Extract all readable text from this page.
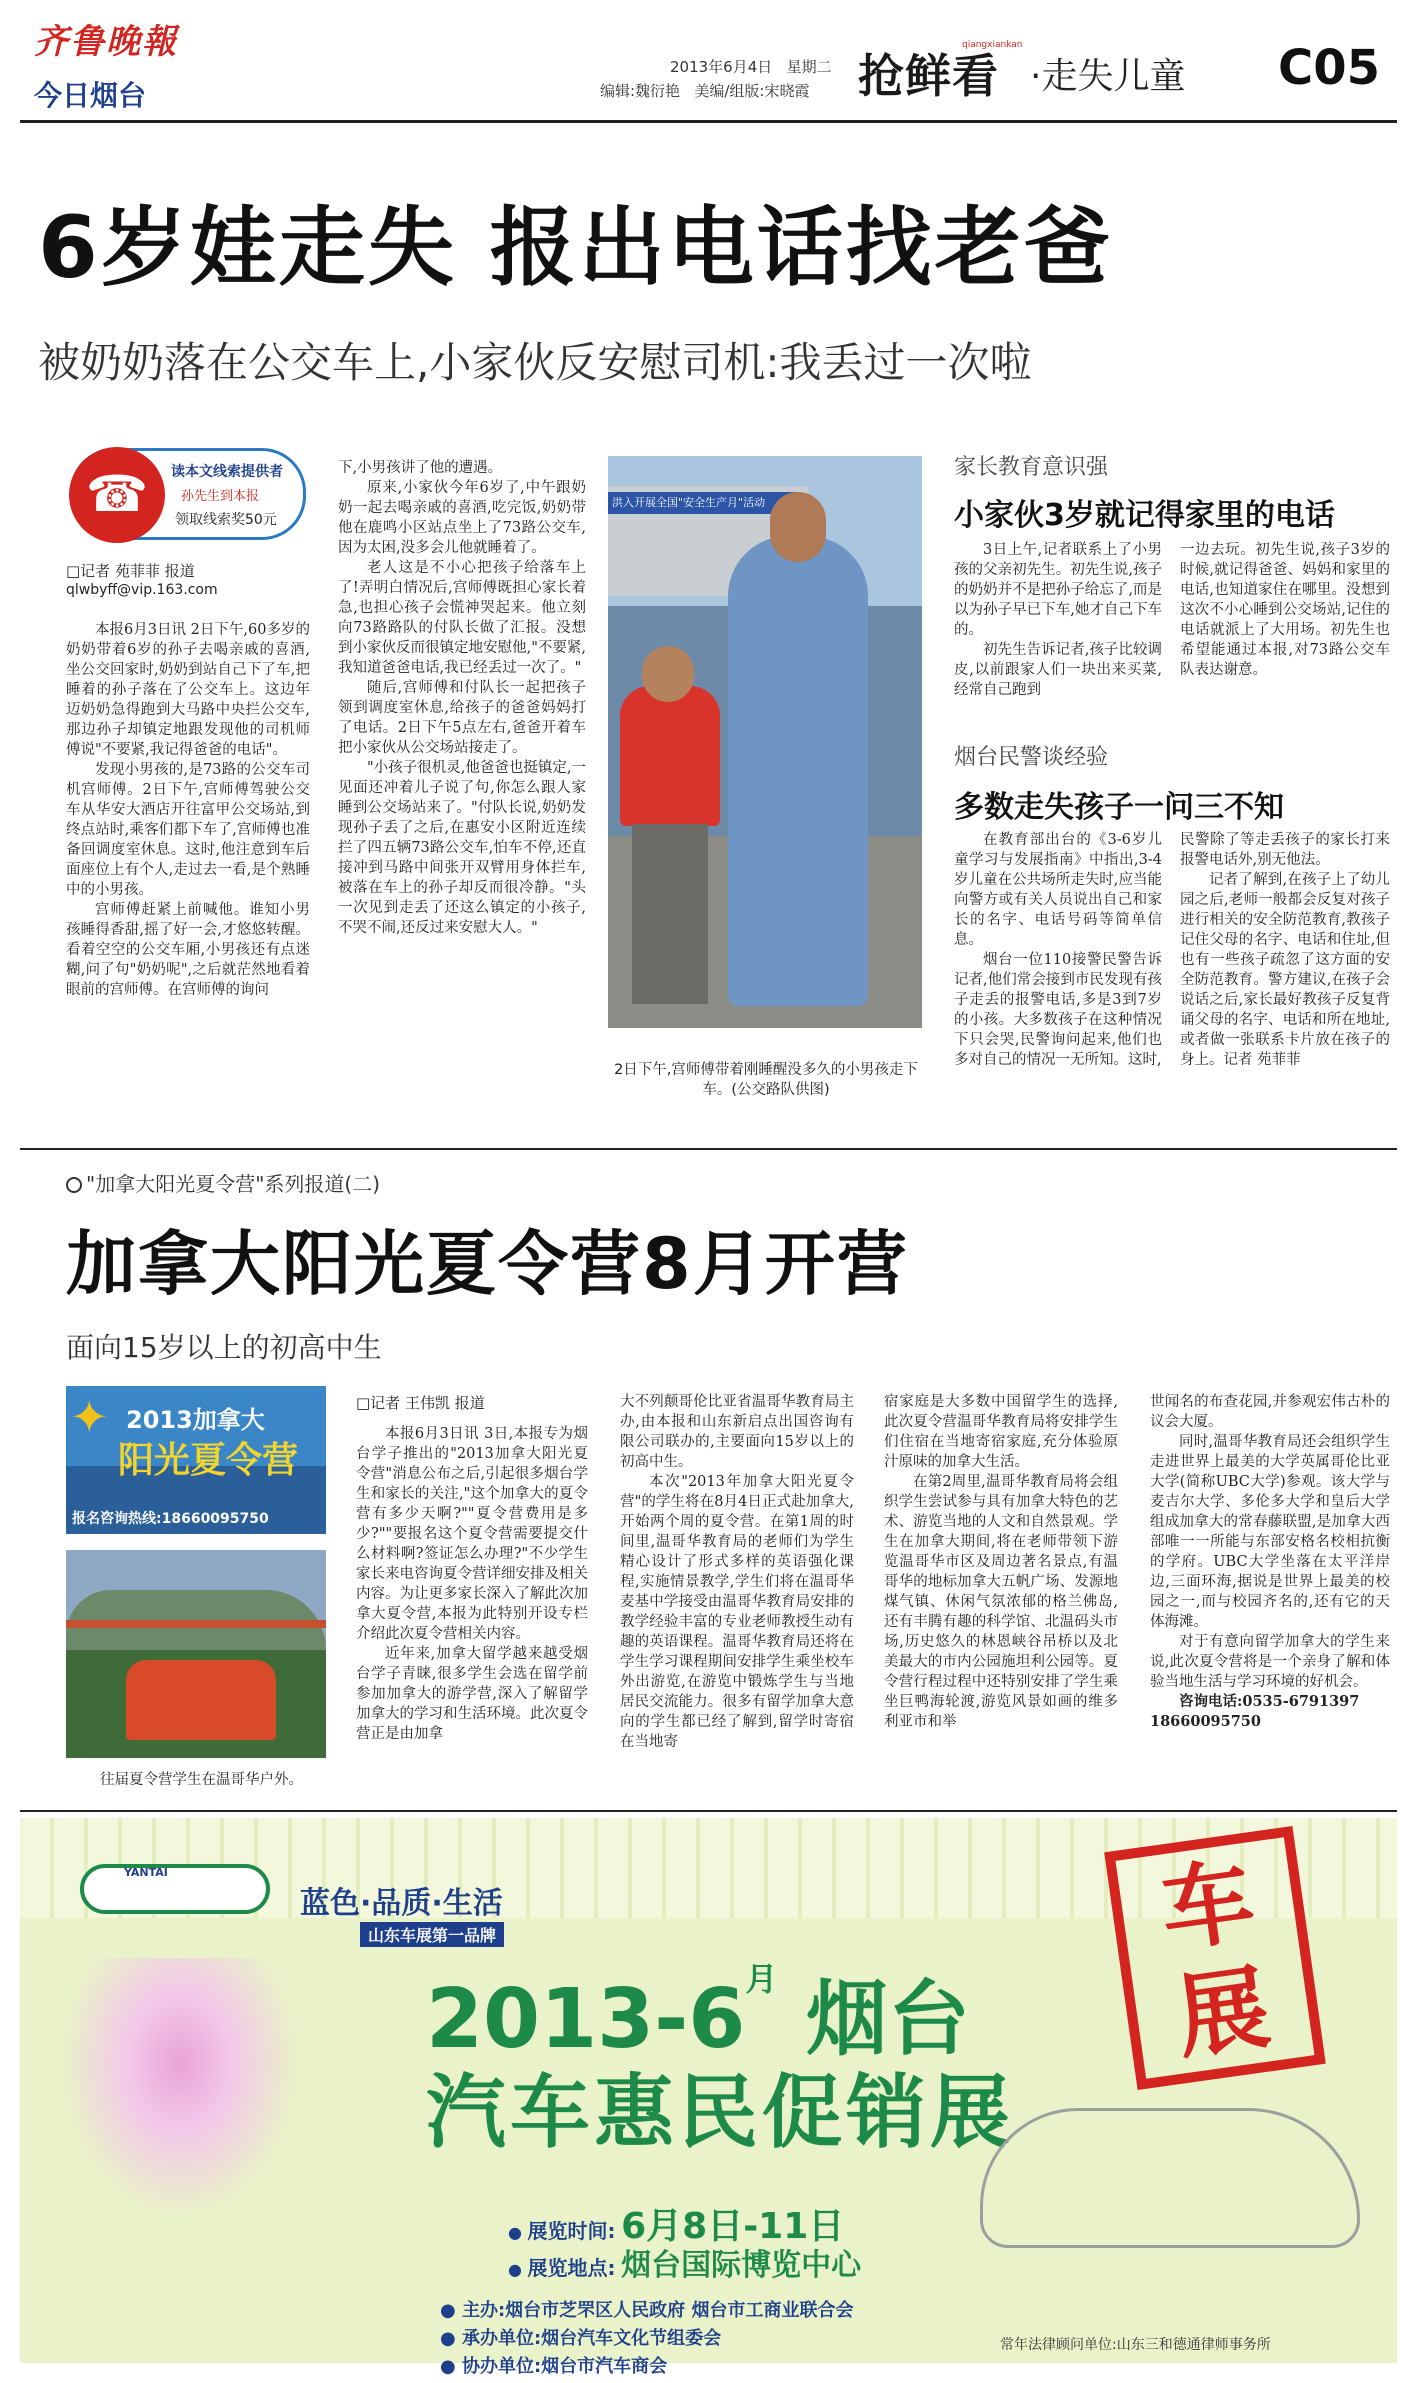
齐鲁晚報
今日烟台
2013年6月4日 星期二
编辑:魏衍艳 美编/组版:宋晓霞 抢鲜看
qiangxiankan
·走失儿童 C05
6岁娃走失 报出电话找老爸
被奶奶落在公交车上,小家伙反安慰司机:我丢过一次啦
☎	读本文线索提供者
孙先生到本报
领取线索奖50元
□记者 苑菲菲 报道
qlwbyff@vip.163.com

本报6月3日讯 2日下午,60多岁的奶奶带着6岁的孙子去喝亲戚的喜酒,坐公交回家时,奶奶到站自己下了车,把睡着的孙子落在了公交车上。这边年迈奶奶急得跑到大马路中央拦公交车,那边孙子却镇定地跟发现他的司机师傅说"不要紧,我记得爸爸的电话"。

发现小男孩的,是73路的公交车司机宫师傅。2日下午,宫师傅驾驶公交车从华安大酒店开往富甲公交场站,到终点站时,乘客们都下车了,宫师傅也准备回调度室休息。这时,他注意到车后面座位上有个人,走过去一看,是个熟睡中的小男孩。

宫师傅赶紧上前喊他。谁知小男孩睡得香甜,摇了好一会,才悠悠转醒。看着空空的公交车厢,小男孩还有点迷糊,问了句"奶奶呢",之后就茫然地看着眼前的宫师傅。在宫师傅的询问

下,小男孩讲了他的遭遇。

原来,小家伙今年6岁了,中午跟奶奶一起去喝亲戚的喜酒,吃完饭,奶奶带他在鹿鸣小区站点坐上了73路公交车,因为太困,没多会儿他就睡着了。

老人这是不小心把孩子给落车上了!弄明白情况后,宫师傅既担心家长着急,也担心孩子会慌神哭起来。他立刻向73路路队的付队长做了汇报。没想到小家伙反而很镇定地安慰他,"不要紧,我知道爸爸电话,我已经丢过一次了。"

随后,宫师傅和付队长一起把孩子领到调度室休息,给孩子的爸爸妈妈打了电话。2日下午5点左右,爸爸开着车把小家伙从公交场站接走了。

"小孩子很机灵,他爸爸也挺镇定,一见面还冲着儿子说了句,你怎么跟人家睡到公交场站来了。"付队长说,奶奶发现孙子丢了之后,在惠安小区附近连续拦了四五辆73路公交车,怕车不停,还直接冲到马路中间张开双臂用身体拦车,被落在车上的孙子却反而很冷静。"头一次见到走丢了还这么镇定的小孩子,不哭不闹,还反过来安慰大人。"

洪入开展全国"安全生产月"活动
2日下午,宫师傅带着刚睡醒没多久的小男孩走下车。(公交路队供图)
家长教育意识强
小家伙3岁就记得家里的电话

3日上午,记者联系上了小男孩的父亲初先生。初先生说,孩子的奶奶并不是把孙子给忘了,而是以为孙子早已下车,她才自己下车的。

初先生告诉记者,孩子比较调皮,以前跟家人们一块出来买菜,经常自己跑到

一边去玩。初先生说,孩子3岁的时候,就记得爸爸、妈妈和家里的电话,也知道家住在哪里。没想到这次不小心睡到公交场站,记住的电话就派上了大用场。初先生也希望能通过本报,对73路公交车队表达谢意。

烟台民警谈经验
多数走失孩子一问三不知

在教育部出台的《3-6岁儿童学习与发展指南》中指出,3-4岁儿童在公共场所走失时,应当能向警方或有关人员说出自己和家长的名字、电话号码等简单信息。

烟台一位110接警民警告诉记者,他们常会接到市民发现有孩子走丢的报警电话,多是3到7岁的小孩。大多数孩子在这种情况下只会哭,民警询问起来,他们也多对自己的情况一无所知。这时,

民警除了等走丢孩子的家长打来报警电话外,别无他法。

记者了解到,在孩子上了幼儿园之后,老师一般都会反复对孩子进行相关的安全防范教育,教孩子记住父母的名字、电话和住址,但也有一些孩子疏忽了这方面的安全防范教育。警方建议,在孩子会说话之后,家长最好教孩子反复背诵父母的名字、电话和所在地址,或者做一张联系卡片放在孩子的身上。记者 苑菲菲

"加拿大阳光夏令营"系列报道(二)
加拿大阳光夏令营8月开营
面向15岁以上的初高中生
✦ 2013加拿大
阳光夏令营
报名咨询热线:18660095750
往届夏令营学生在温哥华户外。
□记者 王伟凯 报道

本报6月3日讯 3日,本报专为烟台学子推出的"2013加拿大阳光夏令营"消息公布之后,引起很多烟台学生和家长的关注,"这个加拿大的夏令营有多少天啊?""夏令营费用是多少?""要报名这个夏令营需要提交什么材料啊?签证怎么办理?"不少学生家长来电咨询夏令营详细安排及相关内容。为让更多家长深入了解此次加拿大夏令营,本报为此特别开设专栏介绍此次夏令营相关内容。

近年来,加拿大留学越来越受烟台学子青睐,很多学生会选在留学前参加加拿大的游学营,深入了解留学加拿大的学习和生活环境。此次夏令营正是由加拿

大不列颠哥伦比亚省温哥华教育局主办,由本报和山东新启点出国咨询有限公司联办的,主要面向15岁以上的初高中生。

本次"2013年加拿大阳光夏令营"的学生将在8月4日正式赴加拿大,开始两个周的夏令营。在第1周的时间里,温哥华教育局的老师们为学生精心设计了形式多样的英语强化课程,实施情景教学,学生们将在温哥华麦基中学接受由温哥华教育局安排的教学经验丰富的专业老师教授生动有趣的英语课程。温哥华教育局还将在学生学习课程期间安排学生乘坐校车外出游览,在游览中锻炼学生与当地居民交流能力。很多有留学加拿大意向的学生都已经了解到,留学时寄宿在当地寄

宿家庭是大多数中国留学生的选择,此次夏令营温哥华教育局将安排学生们住宿在当地寄宿家庭,充分体验原汁原味的加拿大生活。

在第2周里,温哥华教育局将会组织学生尝试参与具有加拿大特色的艺术、游览当地的人文和自然景观。学生在加拿大期间,将在老师带领下游览温哥华市区及周边著名景点,有温哥华的地标加拿大五帆广场、发源地煤气镇、休闲气氛浓郁的格兰佛岛,还有丰腾有趣的科学馆、北温码头市场,历史悠久的林恩峡谷吊桥以及北美最大的市内公园施坦利公园等。夏令营行程过程中还特别安排了学生乘坐巨鸭海轮渡,游览风景如画的维多利亚市和举

世闻名的布查花园,并参观宏伟古朴的议会大厦。

同时,温哥华教育局还会组织学生走进世界上最美的大学英属哥伦比亚大学(简称UBC大学)参观。该大学与麦吉尔大学、多伦多大学和皇后大学组成加拿大的常春藤联盟,是加拿大西部唯一一所能与东部安格名校相抗衡的学府。UBC大学坐落在太平洋岸边,三面环海,据说是世界上最美的校园之一,而与校园齐名的,还有它的天体海滩。

对于有意向留学加拿大的学生来说,此次夏令营将是一个亲身了解和体验当地生活与学习环境的好机会。

咨询电话:0535-6791397

18660095750

YANTAI
蓝色·品质·生活
山东车展第一品牌
$2013-6^月$ 烟台
汽车惠民促销展
车展
● 展览时间: 6月8日-11日
● 展览地点: 烟台国际博览中心
● 主办:烟台市芝罘区人民政府 烟台市工商业联合会
● 承办单位:烟台汽车文化节组委会
● 协办单位:烟台市汽车商会
常年法律顾问单位:山东三和德通律师事务所
